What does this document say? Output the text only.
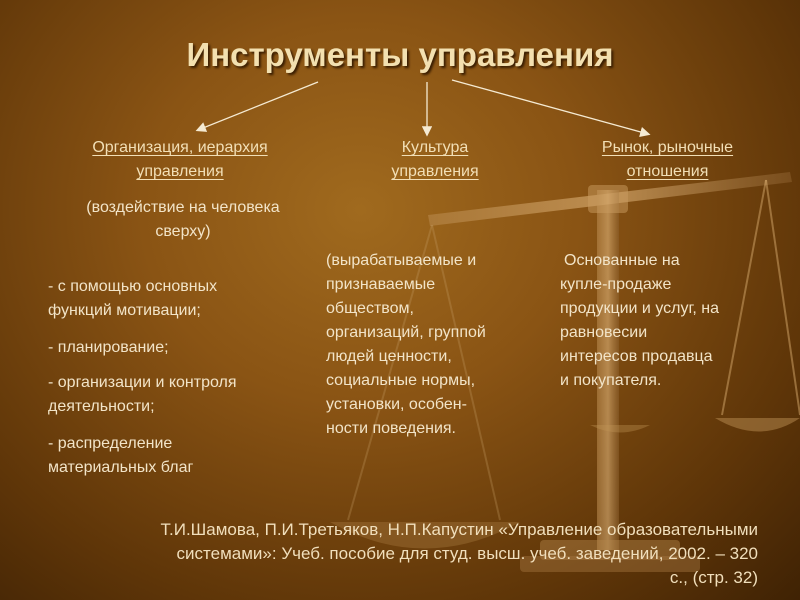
Инструменты управления
Организация, иерархия
управления
(воздействие на человека
сверху)
- с помощью основных
функций мотивации;
- планирование;
- организации и контроля
деятельности;
- распределение
материальных благ
Культура
управления
(вырабатываемые и
признаваемые
обществом,
организаций, группой
людей ценности,
социальные нормы,
установки, особен-
ности поведения.
Рынок, рыночные
отношения
Основанные на
купле-продаже
продукции и услуг, на
равновесии
интересов продавца
и покупателя.
Т.И.Шамова, П.И.Третьяков, Н.П.Капустин «Управление образовательными
системами»: Учеб. пособие для студ. высш. учеб. заведений, 2002. – 320
с., (стр. 32)
